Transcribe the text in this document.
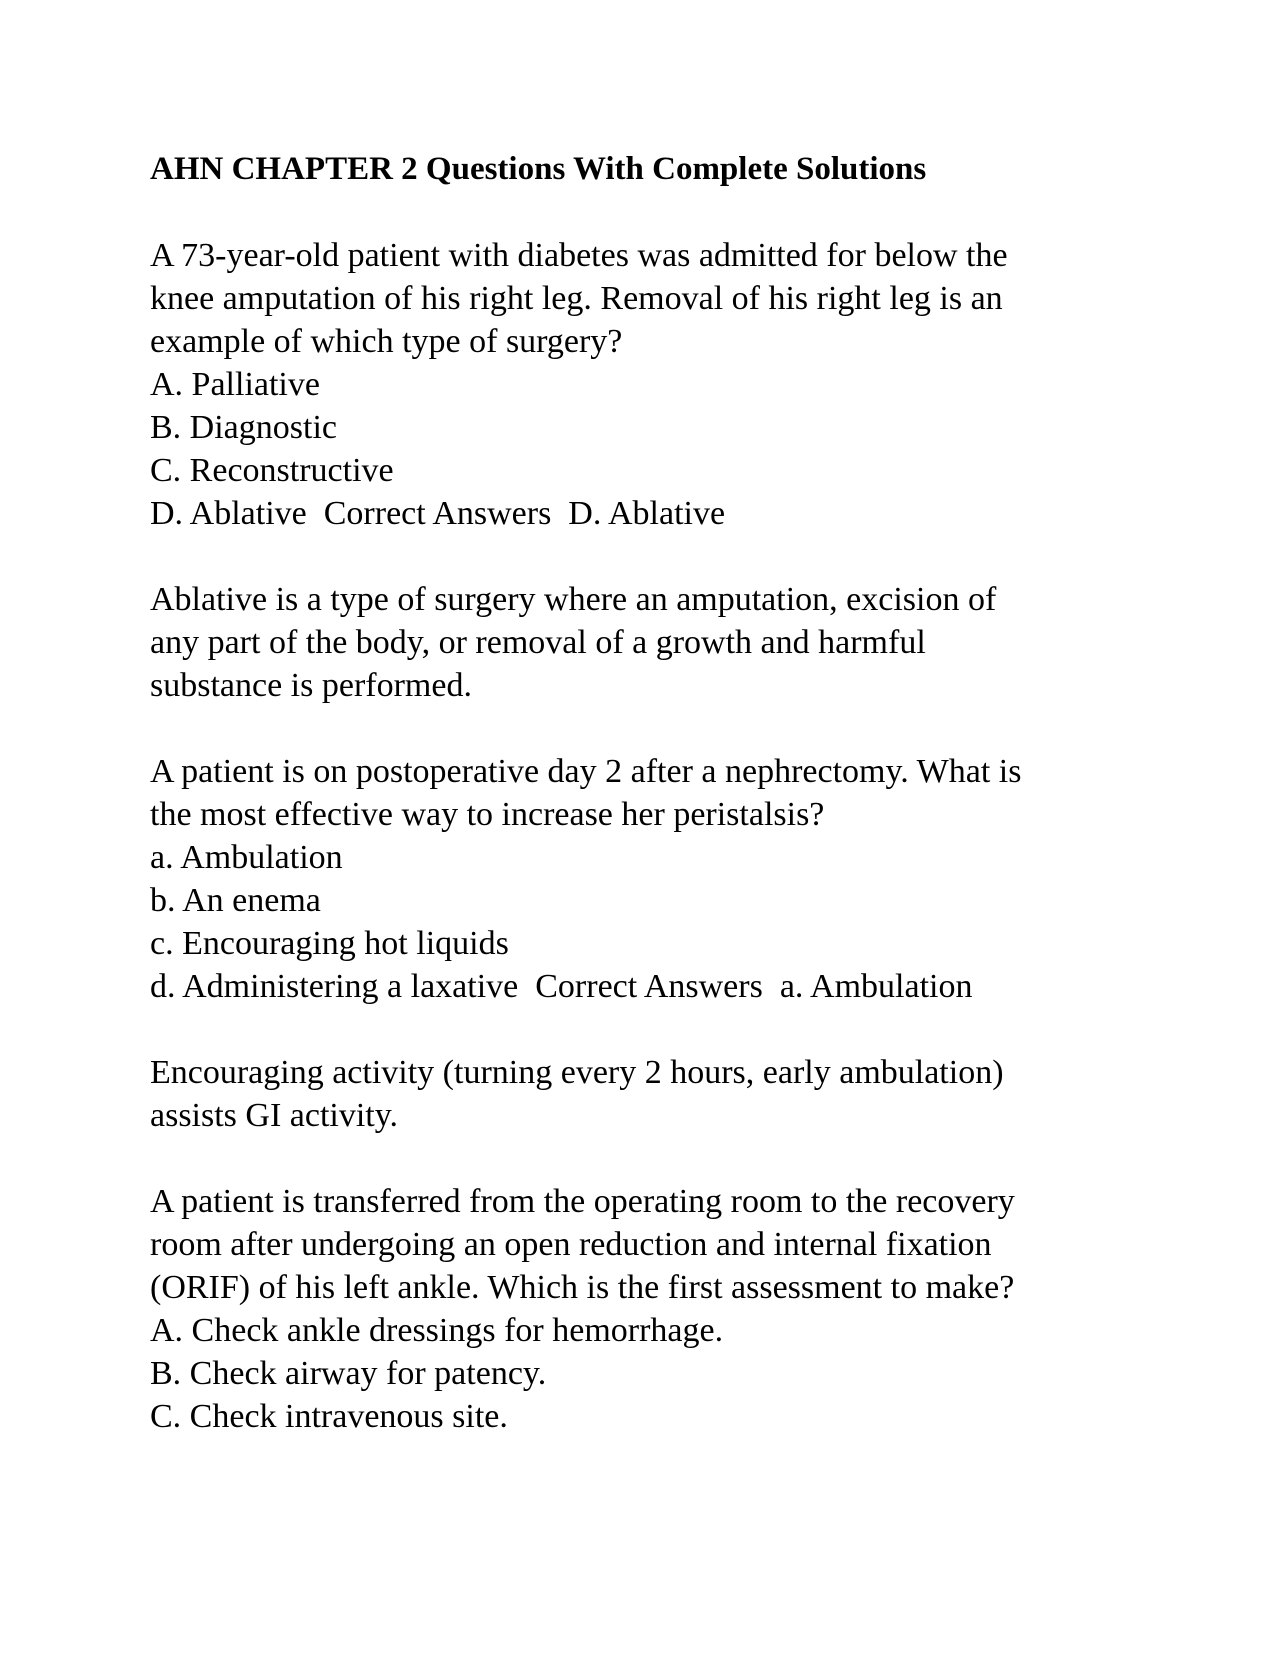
AHN CHAPTER 2 Questions With Complete Solutions

A 73-year-old patient with diabetes was admitted for below the

knee amputation of his right leg. Removal of his right leg is an

example of which type of surgery?

A. Palliative

B. Diagnostic

C. Reconstructive

D. Ablative  Correct Answers  D. Ablative

Ablative is a type of surgery where an amputation, excision of

any part of the body, or removal of a growth and harmful

substance is performed.

A patient is on postoperative day 2 after a nephrectomy. What is

the most effective way to increase her peristalsis?

a. Ambulation

b. An enema

c. Encouraging hot liquids

d. Administering a laxative  Correct Answers  a. Ambulation

Encouraging activity (turning every 2 hours, early ambulation)

assists GI activity.

A patient is transferred from the operating room to the recovery

room after undergoing an open reduction and internal fixation

(ORIF) of his left ankle. Which is the first assessment to make?

A. Check ankle dressings for hemorrhage.

B. Check airway for patency.

C. Check intravenous site.
